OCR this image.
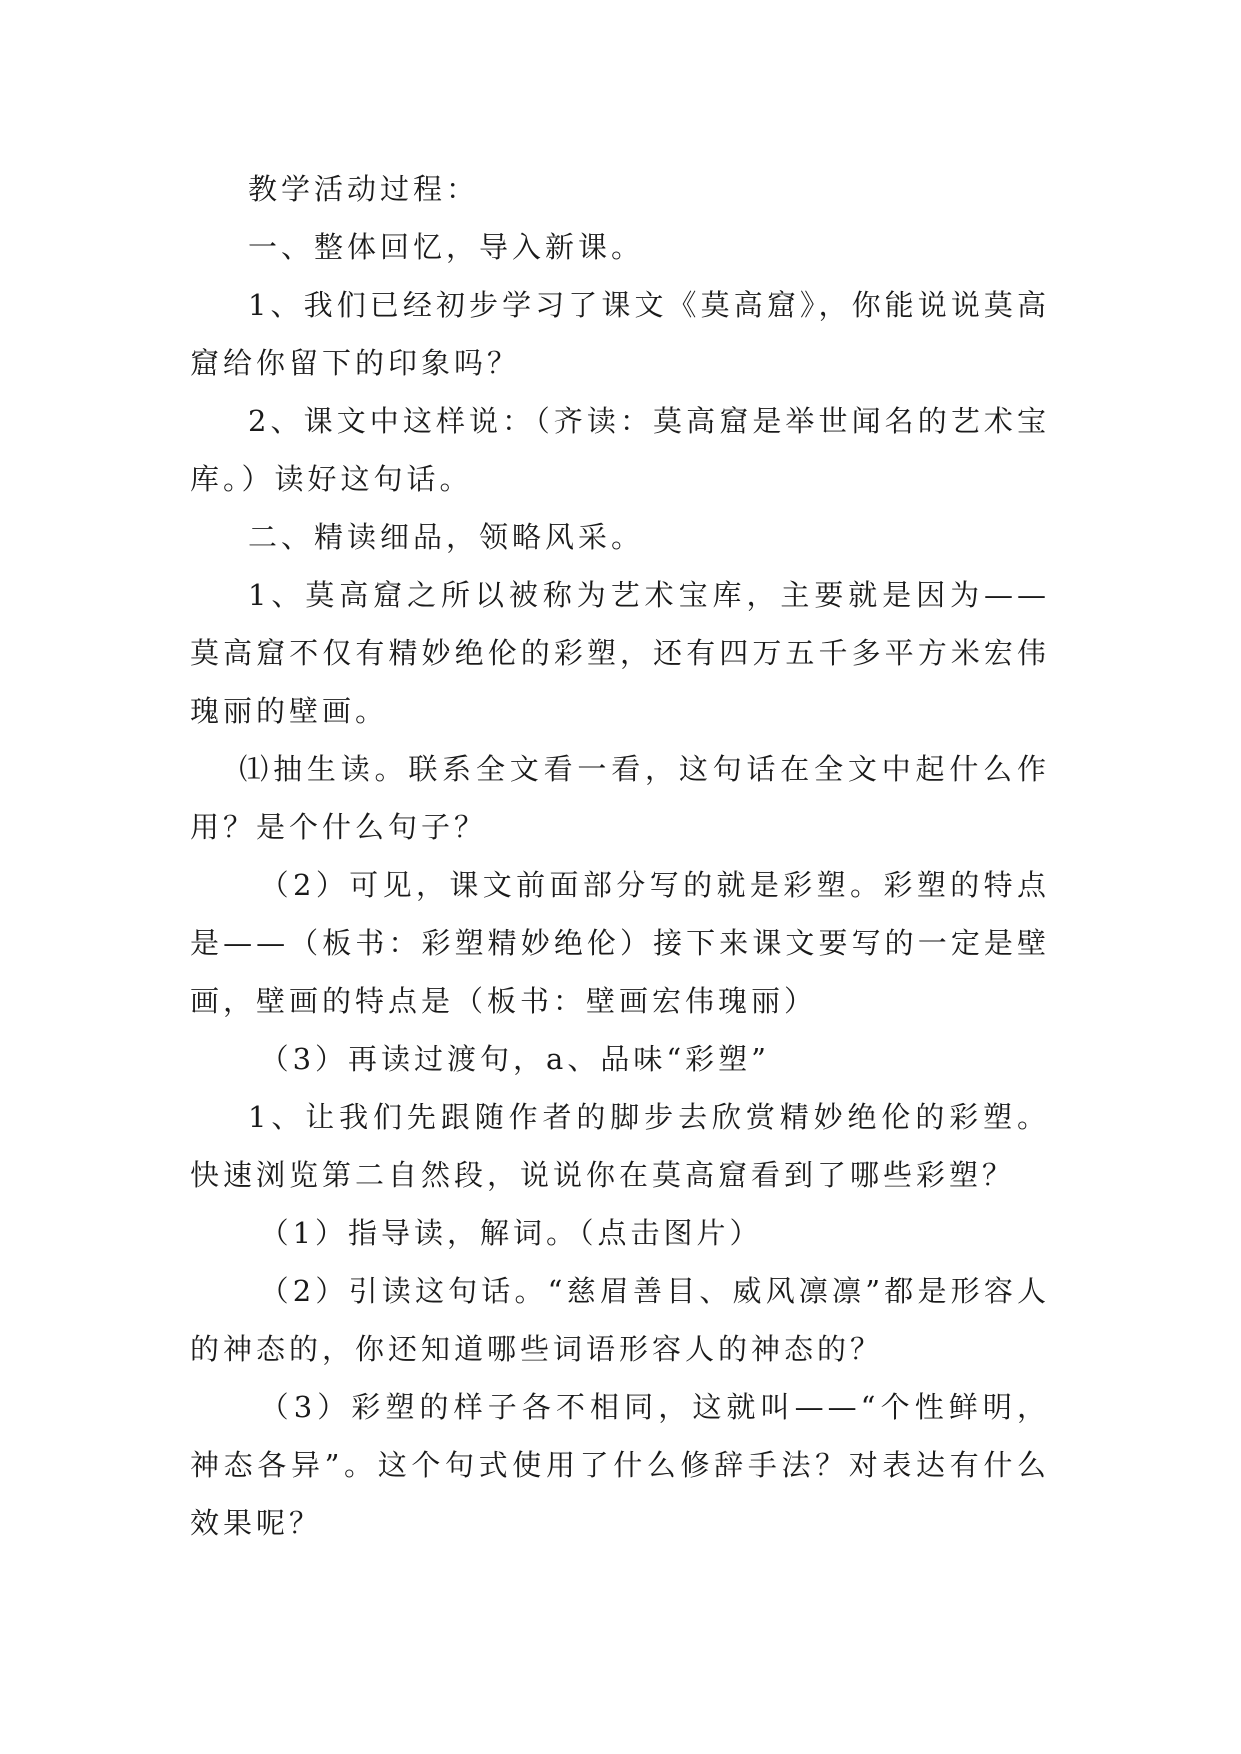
教学活动过程：

一、整体回忆，导入新课。

1、我们已经初步学习了课文《莫高窟》，你能说说莫高窟给你留下的印象吗？

2、课文中这样说：（齐读：莫高窟是举世闻名的艺术宝库。）读好这句话。

二、精读细品，领略风采。

1、莫高窟之所以被称为艺术宝库，主要就是因为——莫高窟不仅有精妙绝伦的彩塑，还有四万五千多平方米宏伟瑰丽的壁画。

⑴抽生读。联系全文看一看，这句话在全文中起什么作用？是个什么句子？

（2）可见，课文前面部分写的就是彩塑。彩塑的特点是——（板书：彩塑精妙绝伦）接下来课文要写的一定是壁画，壁画的特点是（板书：壁画宏伟瑰丽）

（3）再读过渡句，a、品味“彩塑”

1、让我们先跟随作者的脚步去欣赏精妙绝伦的彩塑。快速浏览第二自然段，说说你在莫高窟看到了哪些彩塑？

（1）指导读，解词。（点击图片）

（2）引读这句话。“慈眉善目、威风凛凛”都是形容人的神态的，你还知道哪些词语形容人的神态的？

（3）彩塑的样子各不相同，这就叫——“个性鲜明，神态各异”。这个句式使用了什么修辞手法？对表达有什么效果呢？
